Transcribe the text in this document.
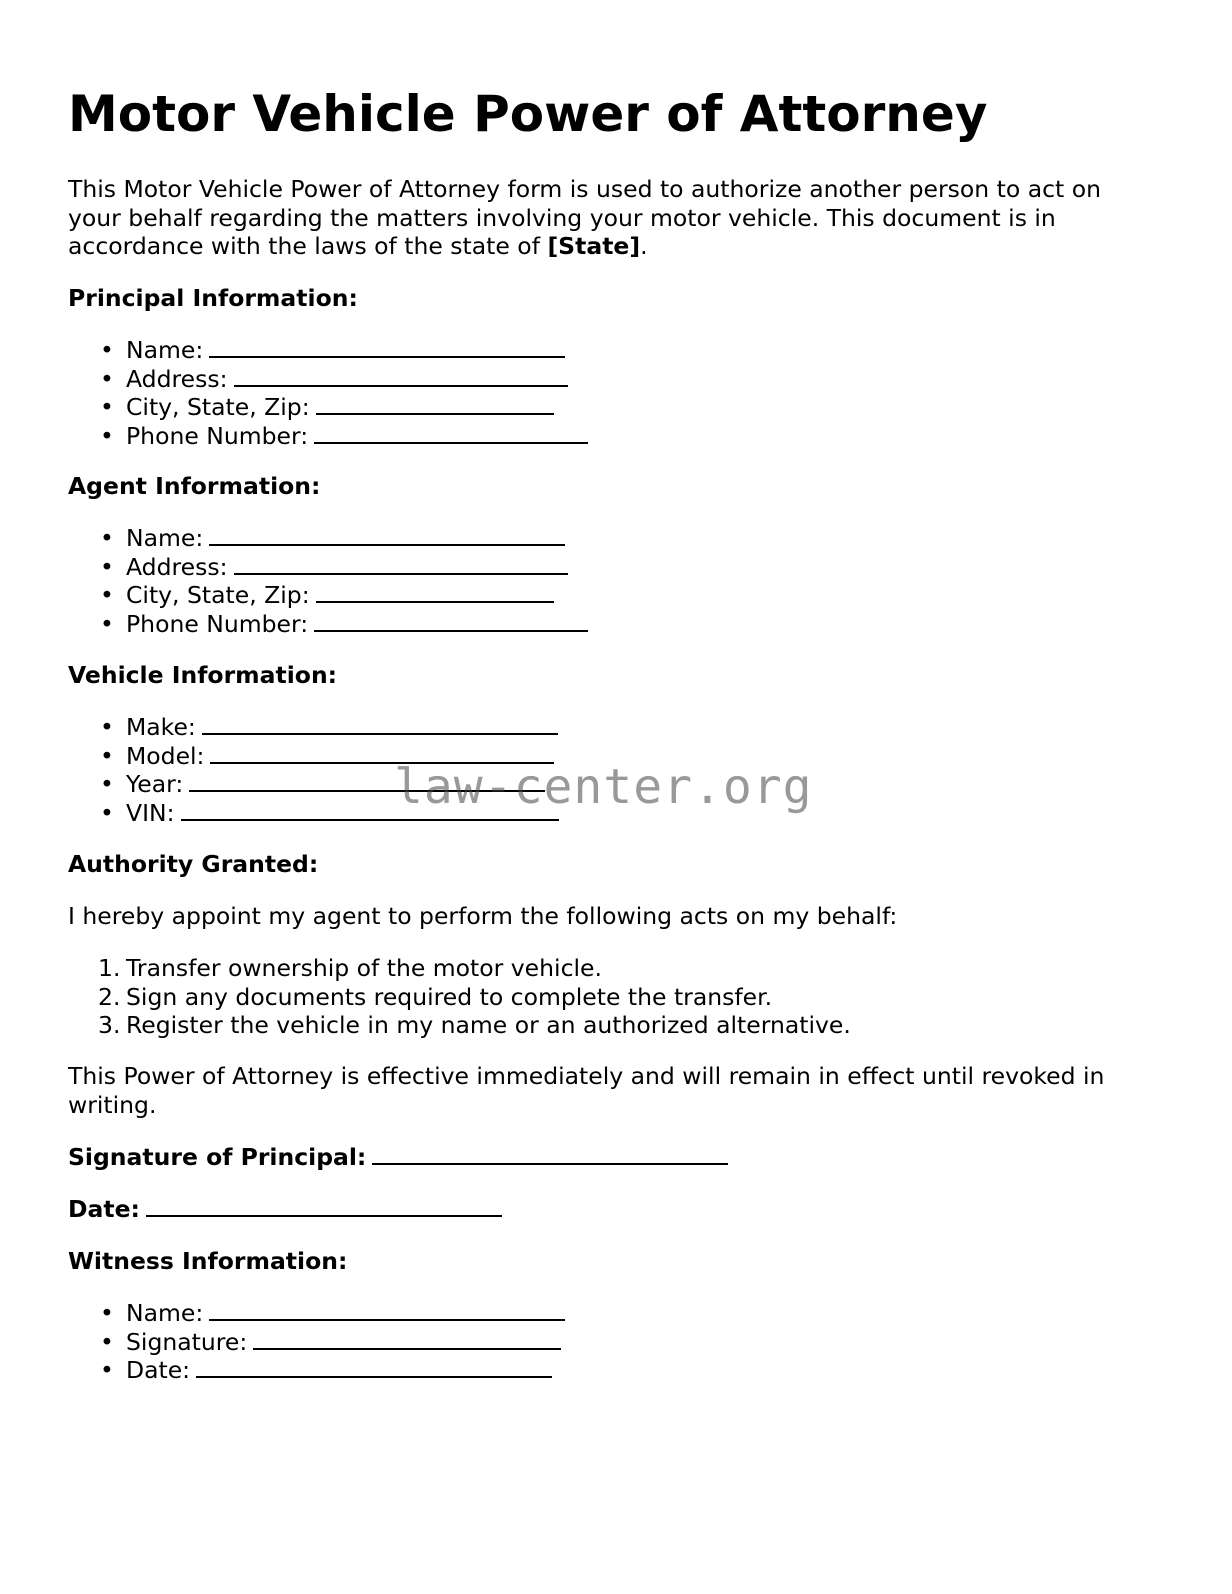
Motor Vehicle Power of Attorney

This Motor Vehicle Power of Attorney form is used to authorize another person to act on your behalf regarding the matters involving your motor vehicle. This document is in accordance with the laws of the state of [State].

Principal Information:

• Name:
• Address:
• City, State, Zip:
• Phone Number:

Agent Information:

• Name:
• Address:
• City, State, Zip:
• Phone Number:

Vehicle Information:

• Make:
• Model:
• Year:
• VIN:

Authority Granted:

I hereby appoint my agent to perform the following acts on my behalf:

1. Transfer ownership of the motor vehicle.
2. Sign any documents required to complete the transfer.
3. Register the vehicle in my name or an authorized alternative.

This Power of Attorney is effective immediately and will remain in effect until revoked in writing.

Signature of Principal:

Date:

Witness Information:

• Name:
• Signature:
• Date:
law-center.org
